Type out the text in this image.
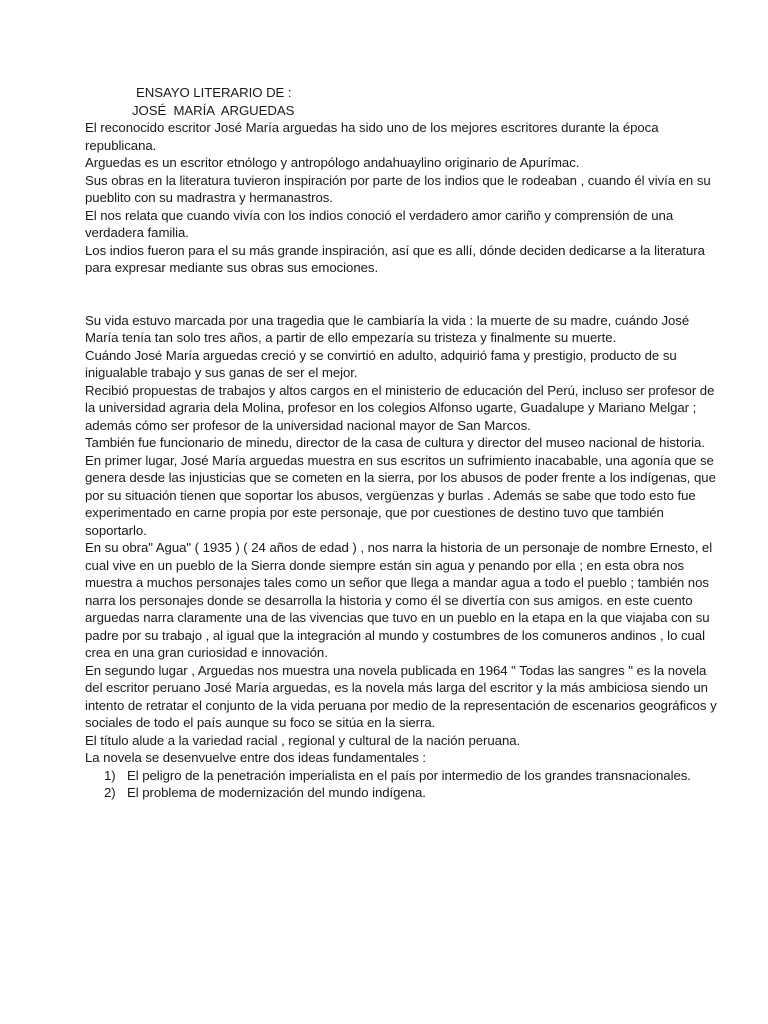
ENSAYO LITERARIO DE :
JOSÉ  MARÍA  ARGUEDAS

El reconocido escritor José María arguedas ha sido uno de los mejores escritores durante la época republicana.

Arguedas es un escritor etnólogo y antropólogo andahuaylino originario de Apurímac.

Sus obras en la literatura tuvieron inspiración por parte de los indios que le rodeaban , cuando él vivía en su pueblito con su madrastra y hermanastros.

El nos relata que cuando vivía con los indios conoció el verdadero amor cariño y comprensión de una verdadera familia.

Los indios fueron para el su más grande inspiración, así que es allí, dónde deciden dedicarse a la literatura para expresar mediante sus obras sus emociones.

Su vida estuvo marcada por una tragedia que le cambiaría la vida : la muerte de su madre, cuándo José María tenía tan solo tres años, a partir de ello empezaría su tristeza y finalmente su muerte.

Cuándo José María arguedas creció y se convirtió en adulto, adquirió fama y prestigio, producto de su inigualable trabajo y sus ganas de ser el mejor.

Recibió propuestas de trabajos y altos cargos en el ministerio de educación del Perú, incluso ser profesor de la universidad agraria dela Molina, profesor en los colegios Alfonso ugarte, Guadalupe y Mariano Melgar ; además cómo ser profesor de la universidad nacional mayor de San Marcos.

También fue funcionario de minedu, director de la casa de cultura y director del museo nacional de historia.

En primer lugar, José María arguedas muestra en sus escritos un sufrimiento inacabable, una agonía que se genera desde las injusticias que se cometen en la sierra, por los abusos de poder frente a los indígenas, que por su situación tienen que soportar los abusos, vergüenzas y burlas . Además se sabe que todo esto fue experimentado en carne propia por este personaje, que por cuestiones de destino tuvo que también soportarlo.

En su obra" Agua" ( 1935 ) ( 24 años de edad ) , nos narra la historia de un personaje de nombre Ernesto, el cual vive en un pueblo de la Sierra donde siempre están sin agua y penando por ella ; en esta obra nos muestra a muchos personajes tales como un señor que llega a mandar agua a todo el pueblo ; también nos narra los personajes donde se desarrolla la historia y como él se divertía con sus amigos. en este cuento arguedas narra claramente una de las vivencias que tuvo en un pueblo en la etapa en la que viajaba con su padre por su trabajo , al igual que la integración al mundo y costumbres de los comuneros andinos , lo cual crea en una gran curiosidad e innovación.

En segundo lugar , Arguedas nos muestra una novela publicada en 1964 " Todas las sangres " es la novela del escritor peruano José María arguedas, es la novela más larga del escritor y la más ambiciosa siendo un intento de retratar el conjunto de la vida peruana por medio de la representación de escenarios geográficos y sociales de todo el país aunque su foco se sitúa en la sierra.

El título alude a la variedad racial , regional y cultural de la nación peruana.

La novela se desenvuelve entre dos ideas fundamentales :

1) El peligro de la penetración imperialista en el país por intermedio de los grandes transnacionales.
2) El problema de modernización del mundo indígena.
